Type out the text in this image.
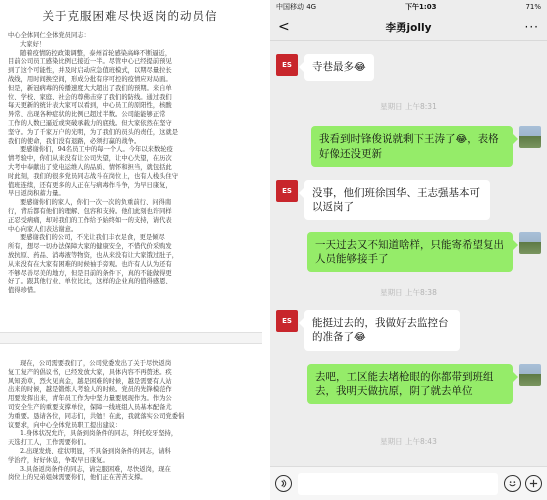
关于克服困难尽快返岗的动员信
中心全体同仁全体党员同志：
大家好！
随着疫情防控政策调整，泰州首轮感染高峰不断逼近，
目前公司员工感染比例已接近一半。尽管中心已经提前预见
到了这个可能性，并及时启动应急值班模式，以期尽量拉长
战线，用时间换空间，形成分批有序可控的疫情应对局面。
但是，新冠病毒的传播速度大大超出了我们的预期。来自单
位、学校、家庭、社会的尊佛击穿了我们的防线。通过我们
每天更新的统计表大家可以看到，中心员工的原阳性，核酸
异常、出现各种症状的比例已超过半数。公司能能够正常
工作的人数已逼近或突破承载力的底线。但大家依然在坚守
坚守。为了千家万户的光明，为了我们的员头的责任，这就是
我们的使命，我们没有退路，必须打赢的战争。
要感谢你们，94名员工中的每一个人。今年以来数轮疫
情考验中，你们从来没有让公司失望，让中心失望，在历次
大考中奉献出了党电运维人的品质、情怀和担当，就包括此
时此刻，我们的很多党员同志战斗在岗位上，也有人栈头住守
值班连续，还有更多的人正在与病毒作斗争，为早日康复，
早日返岗积蓄力量。
要感谢你们的家人，你们一次一次的负重前行、问得南
行，背后都有他们的理解、包容和支持。他们此刻也许同样
正忍受病痛，却对我们的工作给予始终如一的支持，请代表
中心向家人们表达谢意。
要感谢我们的公司，不光让我们丰衣足食，更是倾尽
所有，想尽一切办法保障大家的健康安全，不惜代价采购发
放抗原、药品、消毒液等物资，也从来没有让大家饿过肚子，
从来没有在大家有困难的时候袖手旁观。也许有人认为还有
不够尽善尽美的地方，但是目前的条件下，真的不能做得更
好了。跟其他行业、单位比比，这样的企业真的值得感恩、
值得珍惜。
现在，公司需要我们了，公司党委发出了关于尽快返岗
复工复产的倡议书，已经发放大家，具体内容不再赘述。疾
风知劲草，烈火见真金，越是困难的时候，越是需要有人站
出来的时候，越是锻炼人考验人的时候。党员的先锋模范作
用要发挥出来，青年员工作为中坚力量要展现作为。作为公
司安全生产的重要支撑单位，保障一线班组人员基本配备尤
为重要。恳请各位，同志们，共勉！在此，我就落实公司党委倡
议要求，向中心全体党员职工提出建议：
1.身体状况允许，具备到岗条件的同志，拜托咬牙坚持，
天选打工人，工作需要你们。
2.出现发烧、症状明显，不具备到岗条件的同志，请科
学治疗，好好休息，争取早日康复。
3.具备返岗条件的同志，请完服困难，尽快返岗，现在
岗位上的兄弟姐妹需要你们，他们正在苦苦支撑。
中国移动 4G	下午1:03	71%
<	李勇jolly	···
ES	寺巷最多😂
星期日 上午8:31
我看到时锋俊说就剩下王涛了😂，表格好像还没更新
ES	没事，他们班徐国华、王志强基本可以返岗了
一天过去又不知道啥样，只能寄希望复出人员能够接手了
星期日 上午8:38
ES	能挺过去的，我做好去监控台的准备了😂
去吧，工区能去堵枪眼的你都带到班组去，我明天做抗原，阴了就去单位
星期日 上午8:43
